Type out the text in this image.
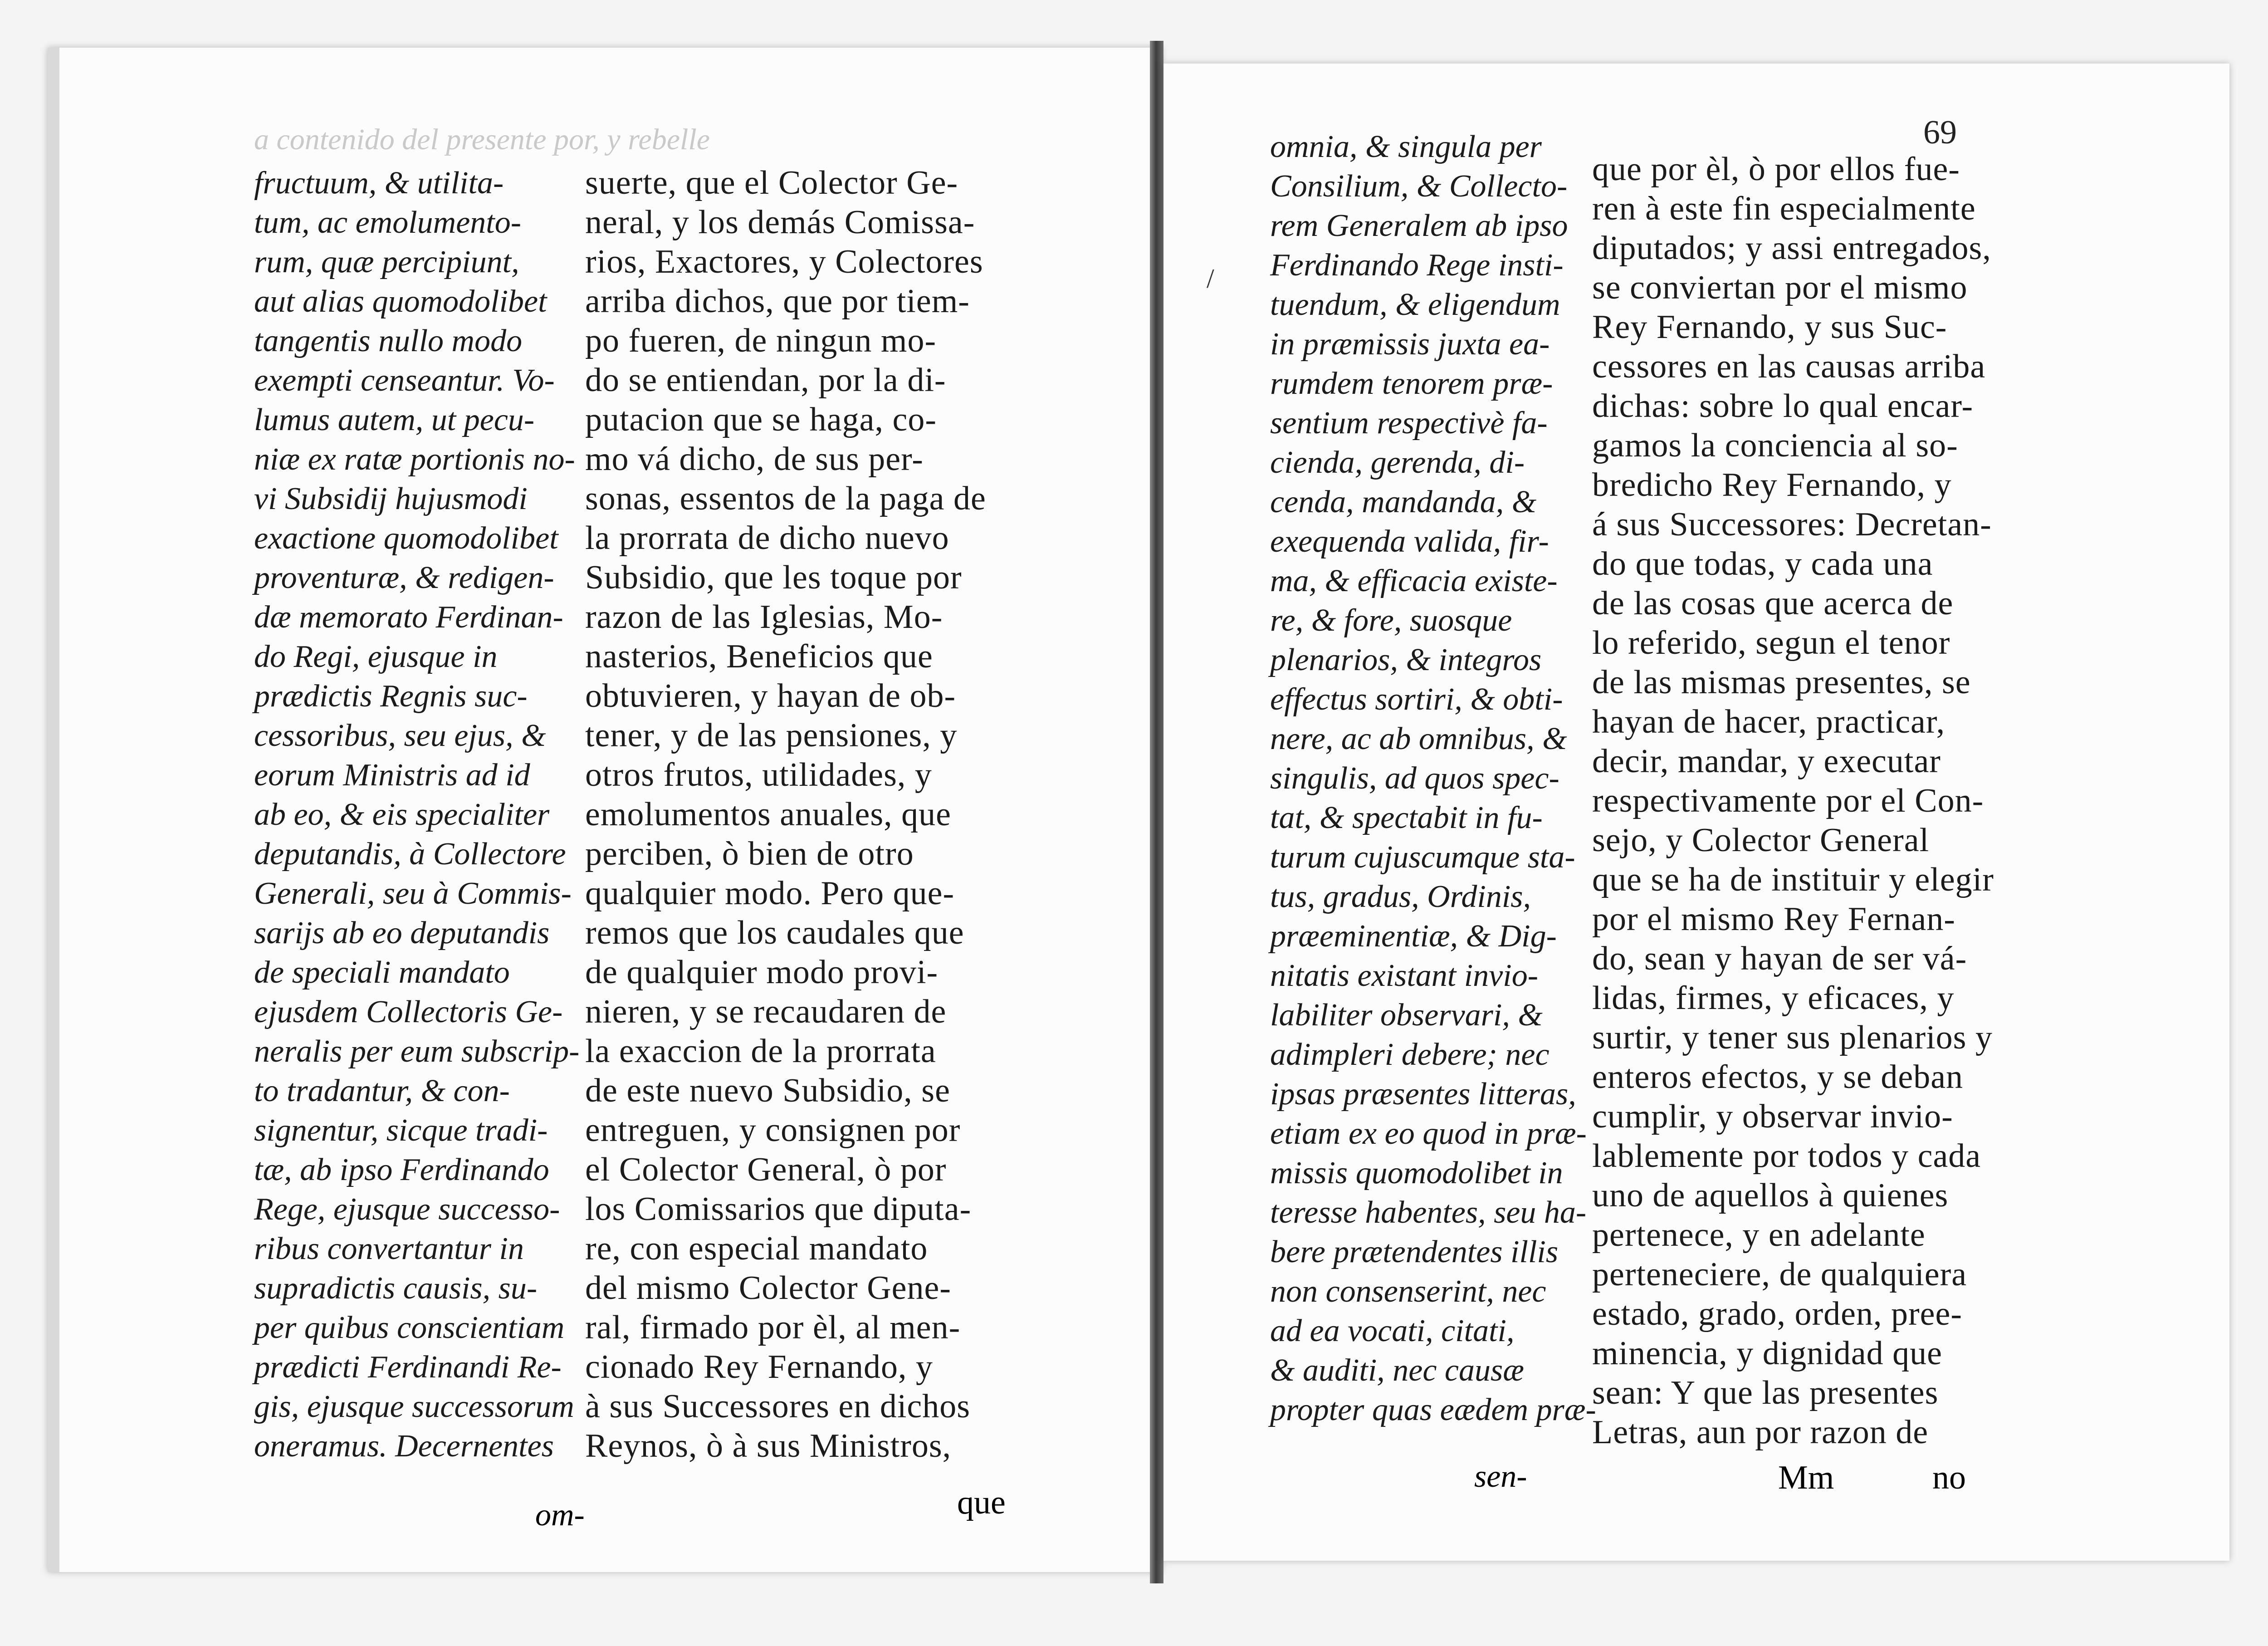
a contenido del presente por, y rebelle
fructuum, & utilita-
tum, ac emolumento-
rum, quæ percipiunt,
aut alias quomodolibet
tangentis nullo modo
exempti censeantur. Vo-
lumus autem, ut pecu-
niæ ex ratæ portionis no-
vi Subsidij hujusmodi
exactione quomodolibet
proventuræ, & redigen-
dæ memorato Ferdinan-
do Regi, ejusque in
prædictis Regnis suc-
cessoribus, seu ejus, &
eorum Ministris ad id
ab eo, & eis specialiter
deputandis, à Collectore
Generali, seu à Commis-
sarijs ab eo deputandis
de speciali mandato
ejusdem Collectoris Ge-
neralis per eum subscrip-
to tradantur, & con-
signentur, sicque tradi-
tæ, ab ipso Ferdinando
Rege, ejusque successo-
ribus convertantur in
supradictis causis, su-
per quibus conscientiam
prædicti Ferdinandi Re-
gis, ejusque successorum
oneramus. Decernentes
suerte, que el Colector Ge-
neral, y los demás Comissa-
rios, Exactores, y Colectores
arriba dichos, que por tiem-
po fueren, de ningun mo-
do se entiendan, por la di-
putacion que se haga, co-
mo vá dicho, de sus per-
sonas, essentos de la paga de
la prorrata de dicho nuevo
Subsidio, que les toque por
razon de las Iglesias, Mo-
nasterios, Beneficios que
obtuvieren, y hayan de ob-
tener, y de las pensiones, y
otros frutos, utilidades, y
emolumentos anuales, que
perciben, ò bien de otro
qualquier modo. Pero que-
remos que los caudales que
de qualquier modo provi-
nieren, y se recaudaren de
la exaccion de la prorrata
de este nuevo Subsidio, se
entreguen, y consignen por
el Colector General, ò por
los Comissarios que diputa-
re, con especial mandato
del mismo Colector Gene-
ral, firmado por èl, al men-
cionado Rey Fernando, y
à sus Successores en dichos
Reynos, ò à sus Ministros,
om-	que
69
/
omnia, & singula per
Consilium, & Collecto-
rem Generalem ab ipso
Ferdinando Rege insti-
tuendum, & eligendum
in præmissis juxta ea-
rumdem tenorem præ-
sentium respectivè fa-
cienda, gerenda, di-
cenda, mandanda, &
exequenda valida, fir-
ma, & efficacia existe-
re, & fore, suosque
plenarios, & integros
effectus sortiri, & obti-
nere, ac ab omnibus, &
singulis, ad quos spec-
tat, & spectabit in fu-
turum cujuscumque sta-
tus, gradus, Ordinis,
præeminentiæ, & Dig-
nitatis existant invio-
labiliter observari, &
adimpleri debere; nec
ipsas præsentes litteras,
etiam ex eo quod in præ-
missis quomodolibet in
teresse habentes, seu ha-
bere prætendentes illis
non consenserint, nec
ad ea vocati, citati,
& auditi, nec causæ
propter quas eædem præ-
que por èl, ò por ellos fue-
ren à este fin especialmente
diputados; y assi entregados,
se conviertan por el mismo
Rey Fernando, y sus Suc-
cessores en las causas arriba
dichas: sobre lo qual encar-
gamos la conciencia al so-
bredicho Rey Fernando, y
á sus Successores: Decretan-
do que todas, y cada una
de las cosas que acerca de
lo referido, segun el tenor
de las mismas presentes, se
hayan de hacer, practicar,
decir, mandar, y executar
respectivamente por el Con-
sejo, y Colector General
que se ha de instituir y elegir
por el mismo Rey Fernan-
do, sean y hayan de ser vá-
lidas, firmes, y eficaces, y
surtir, y tener sus plenarios y
enteros efectos, y se deban
cumplir, y observar invio-
lablemente por todos y cada
uno de aquellos à quienes
pertenece, y en adelante
perteneciere, de qualquiera
estado, grado, orden, pree-
minencia, y dignidad que
sean: Y que las presentes
Letras, aun por razon de
sen-	Mm	no
